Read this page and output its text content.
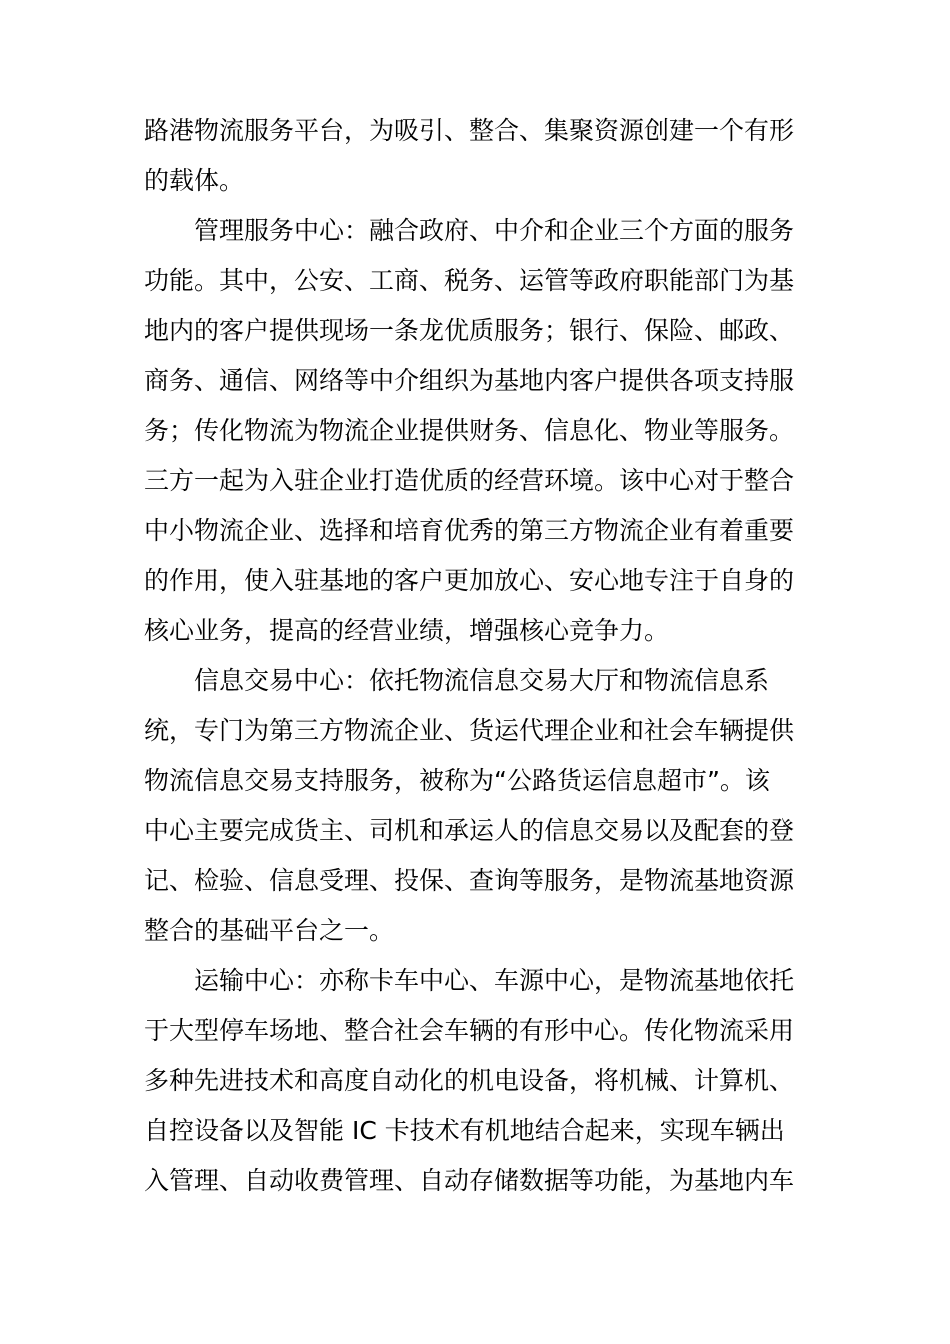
路港物流服务平台，为吸引、整合、集聚资源创建一个有形
的载体。
管理服务中心：融合政府、中介和企业三个方面的服务
功能。其中，公安、工商、税务、运管等政府职能部门为基
地内的客户提供现场一条龙优质服务；银行、保险、邮政、
商务、通信、网络等中介组织为基地内客户提供各项支持服
务；传化物流为物流企业提供财务、信息化、物业等服务。
三方一起为入驻企业打造优质的经营环境。该中心对于整合
中小物流企业、选择和培育优秀的第三方物流企业有着重要
的作用，使入驻基地的客户更加放心、安心地专注于自身的
核心业务，提高的经营业绩，增强核心竞争力。
信息交易中心：依托物流信息交易大厅和物流信息系
统，专门为第三方物流企业、货运代理企业和社会车辆提供
物流信息交易支持服务，被称为“公路货运信息超市”。该
中心主要完成货主、司机和承运人的信息交易以及配套的登
记、检验、信息受理、投保、查询等服务，是物流基地资源
整合的基础平台之一。
运输中心：亦称卡车中心、车源中心，是物流基地依托
于大型停车场地、整合社会车辆的有形中心。传化物流采用
多种先进技术和高度自动化的机电设备，将机械、计算机、
自控设备以及智能 IC 卡技术有机地结合起来，实现车辆出
入管理、自动收费管理、自动存储数据等功能，为基地内车
